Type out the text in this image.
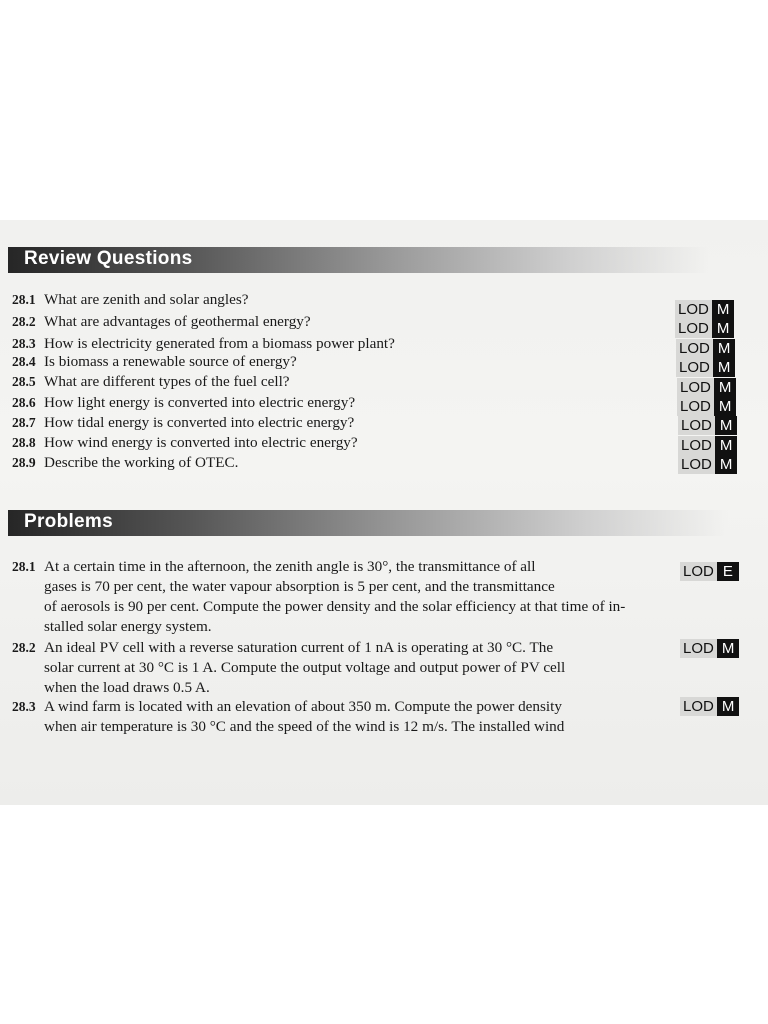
Review Questions
28.1 What are zenith and solar angles?
28.2 What are advantages of geothermal energy?
28.3 How is electricity generated from a biomass power plant?
28.4 Is biomass a renewable source of energy?
28.5 What are different types of the fuel cell?
28.6 How light energy is converted into electric energy?
28.7 How tidal energy is converted into electric energy?
28.8 How wind energy is converted into electric energy?
28.9 Describe the working of OTEC.
LOD M
LOD M
LOD M
LOD M
LOD M
LOD M
LOD M
LOD M
LOD M
Problems
28.1 At a certain time in the afternoon, the zenith angle is 30°, the transmittance of all
gases is 70 per cent, the water vapour absorption is 5 per cent, and the transmittance
of aerosols is 90 per cent. Compute the power density and the solar efficiency at that time of in-
stalled solar energy system.
LOD E
28.2 An ideal PV cell with a reverse saturation current of 1 nA is operating at 30 °C. The
solar current at 30 °C is 1 A. Compute the output voltage and output power of PV cell
when the load draws 0.5 A.
LOD M
28.3 A wind farm is located with an elevation of about 350 m. Compute the power density
when air temperature is 30 °C and the speed of the wind is 12 m/s. The installed wind
LOD M
